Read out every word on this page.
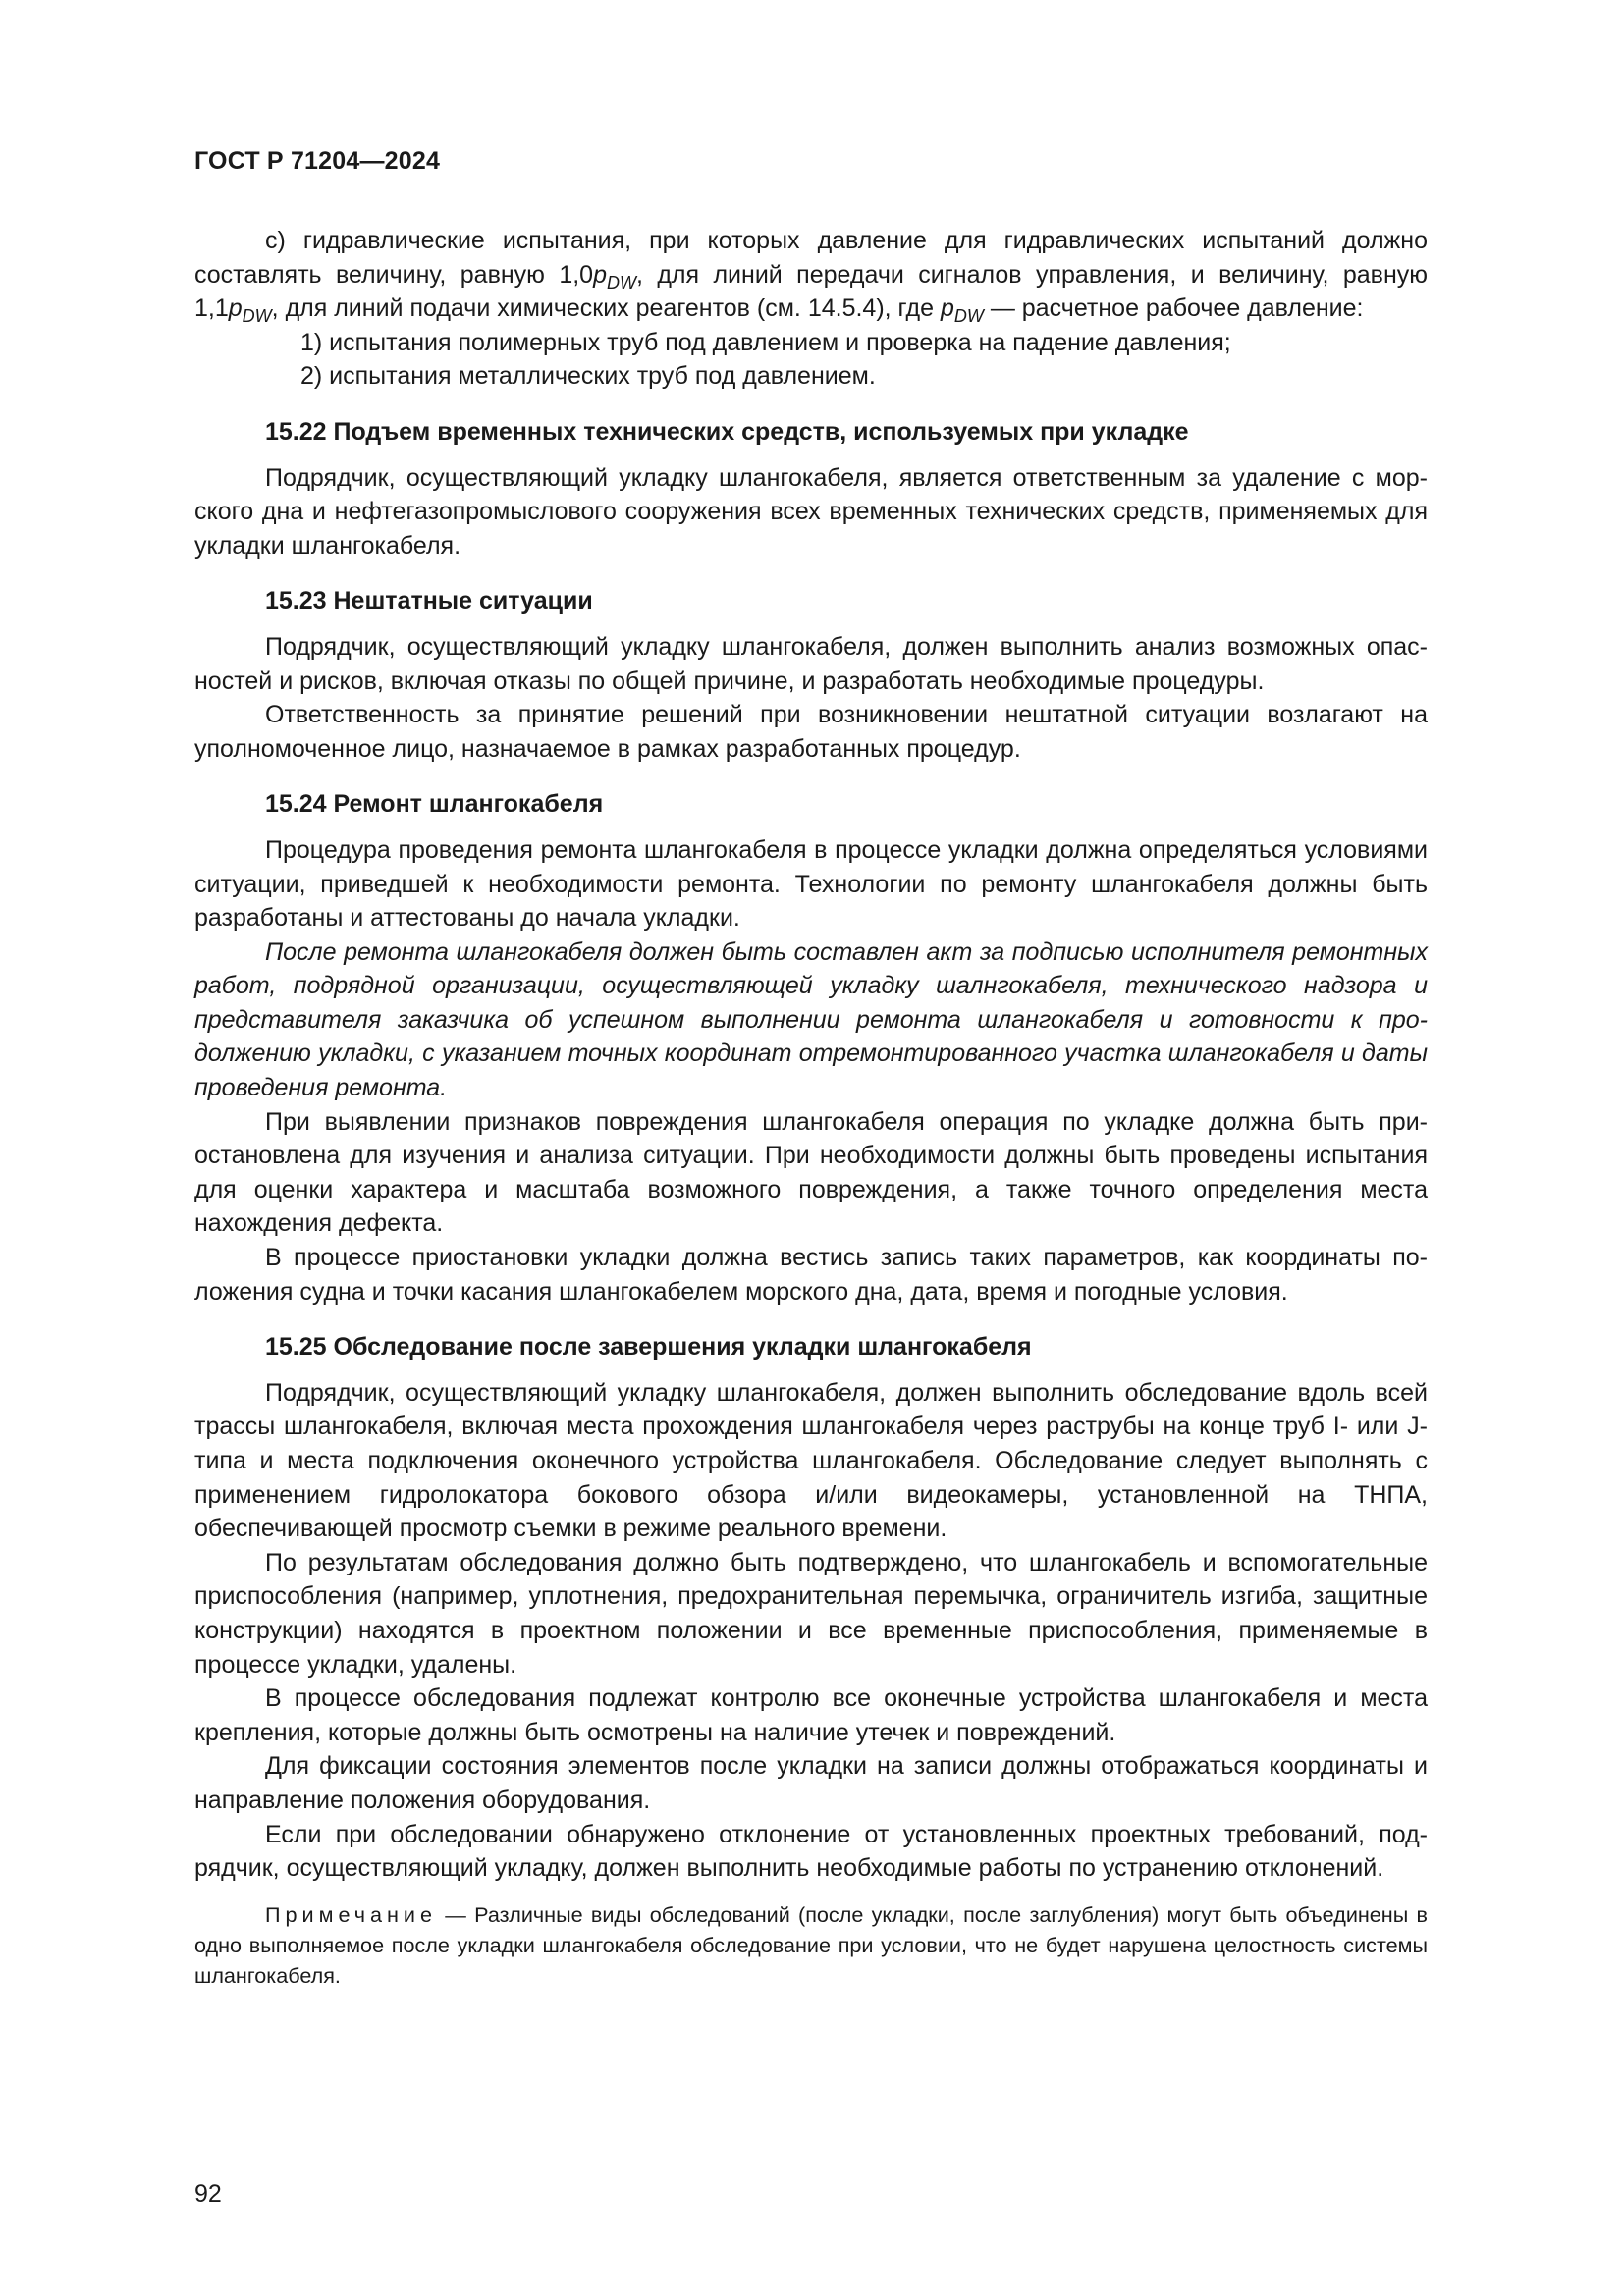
ГОСТ Р 71204—2024

с) гидравлические испытания, при которых давление для гидравлических испытаний должно составлять величину, равную $1,0p_{DW}$, для линий передачи сигналов управления, и величину, равную $1,1p_{DW}$, для линий подачи химических реагентов (см. 14.5.4), где $p_{DW}$ — расчетное рабочее давление:

1) испытания полимерных труб под давлением и проверка на падение давления;

2) испытания металлических труб под давлением.

15.22 Подъем временных технических средств, используемых при укладке

Подрядчик, осуществляющий укладку шлангокабеля, является ответственным за удаление с морского дна и нефтегазопромыслового сооружения всех временных технических средств, применяемых для укладки шлангокабеля.

15.23 Нештатные ситуации

Подрядчик, осуществляющий укладку шлангокабеля, должен выполнить анализ возможных опасностей и рисков, включая отказы по общей причине, и разработать необходимые процедуры.

Ответственность за принятие решений при возникновении нештатной ситуации возлагают на уполномоченное лицо, назначаемое в рамках разработанных процедур.

15.24 Ремонт шлангокабеля

Процедура проведения ремонта шлангокабеля в процессе укладки должна определяться условиями ситуации, приведшей к необходимости ремонта. Технологии по ремонту шлангокабеля должны быть разработаны и аттестованы до начала укладки.

После ремонта шлангокабеля должен быть составлен акт за подписью исполнителя ремонтных работ, подрядной организации, осуществляющей укладку шалнгокабеля, технического надзора и представителя заказчика об успешном выполнении ремонта шлангокабеля и готовности к продолжению укладки, с указанием точных координат отремонтированного участка шлангокабеля и даты проведения ремонта.

При выявлении признаков повреждения шлангокабеля операция по укладке должна быть приостановлена для изучения и анализа ситуации. При необходимости должны быть проведены испытания для оценки характера и масштаба возможного повреждения, а также точного определения места нахождения дефекта.

В процессе приостановки укладки должна вестись запись таких параметров, как координаты положения судна и точки касания шлангокабелем морского дна, дата, время и погодные условия.

15.25 Обследование после завершения укладки шлангокабеля

Подрядчик, осуществляющий укладку шлангокабеля, должен выполнить обследование вдоль всей трассы шлангокабеля, включая места прохождения шлангокабеля через раструбы на конце труб I- или J-типа и места подключения оконечного устройства шлангокабеля. Обследование следует выполнять с применением гидролокатора бокового обзора и/или видеокамеры, установленной на ТНПА, обеспечивающей просмотр съемки в режиме реального времени.

По результатам обследования должно быть подтверждено, что шлангокабель и вспомогательные приспособления (например, уплотнения, предохранительная перемычка, ограничитель изгиба, защитные конструкции) находятся в проектном положении и все временные приспособления, применяемые в процессе укладки, удалены.

В процессе обследования подлежат контролю все оконечные устройства шлангокабеля и места крепления, которые должны быть осмотрены на наличие утечек и повреждений.

Для фиксации состояния элементов после укладки на записи должны отображаться координаты и направление положения оборудования.

Если при обследовании обнаружено отклонение от установленных проектных требований, подрядчик, осуществляющий укладку, должен выполнить необходимые работы по устранению отклонений.

Примечание — Различные виды обследований (после укладки, после заглубления) могут быть объединены в одно выполняемое после укладки шлангокабеля обследование при условии, что не будет нарушена целостность системы шлангокабеля.

92
